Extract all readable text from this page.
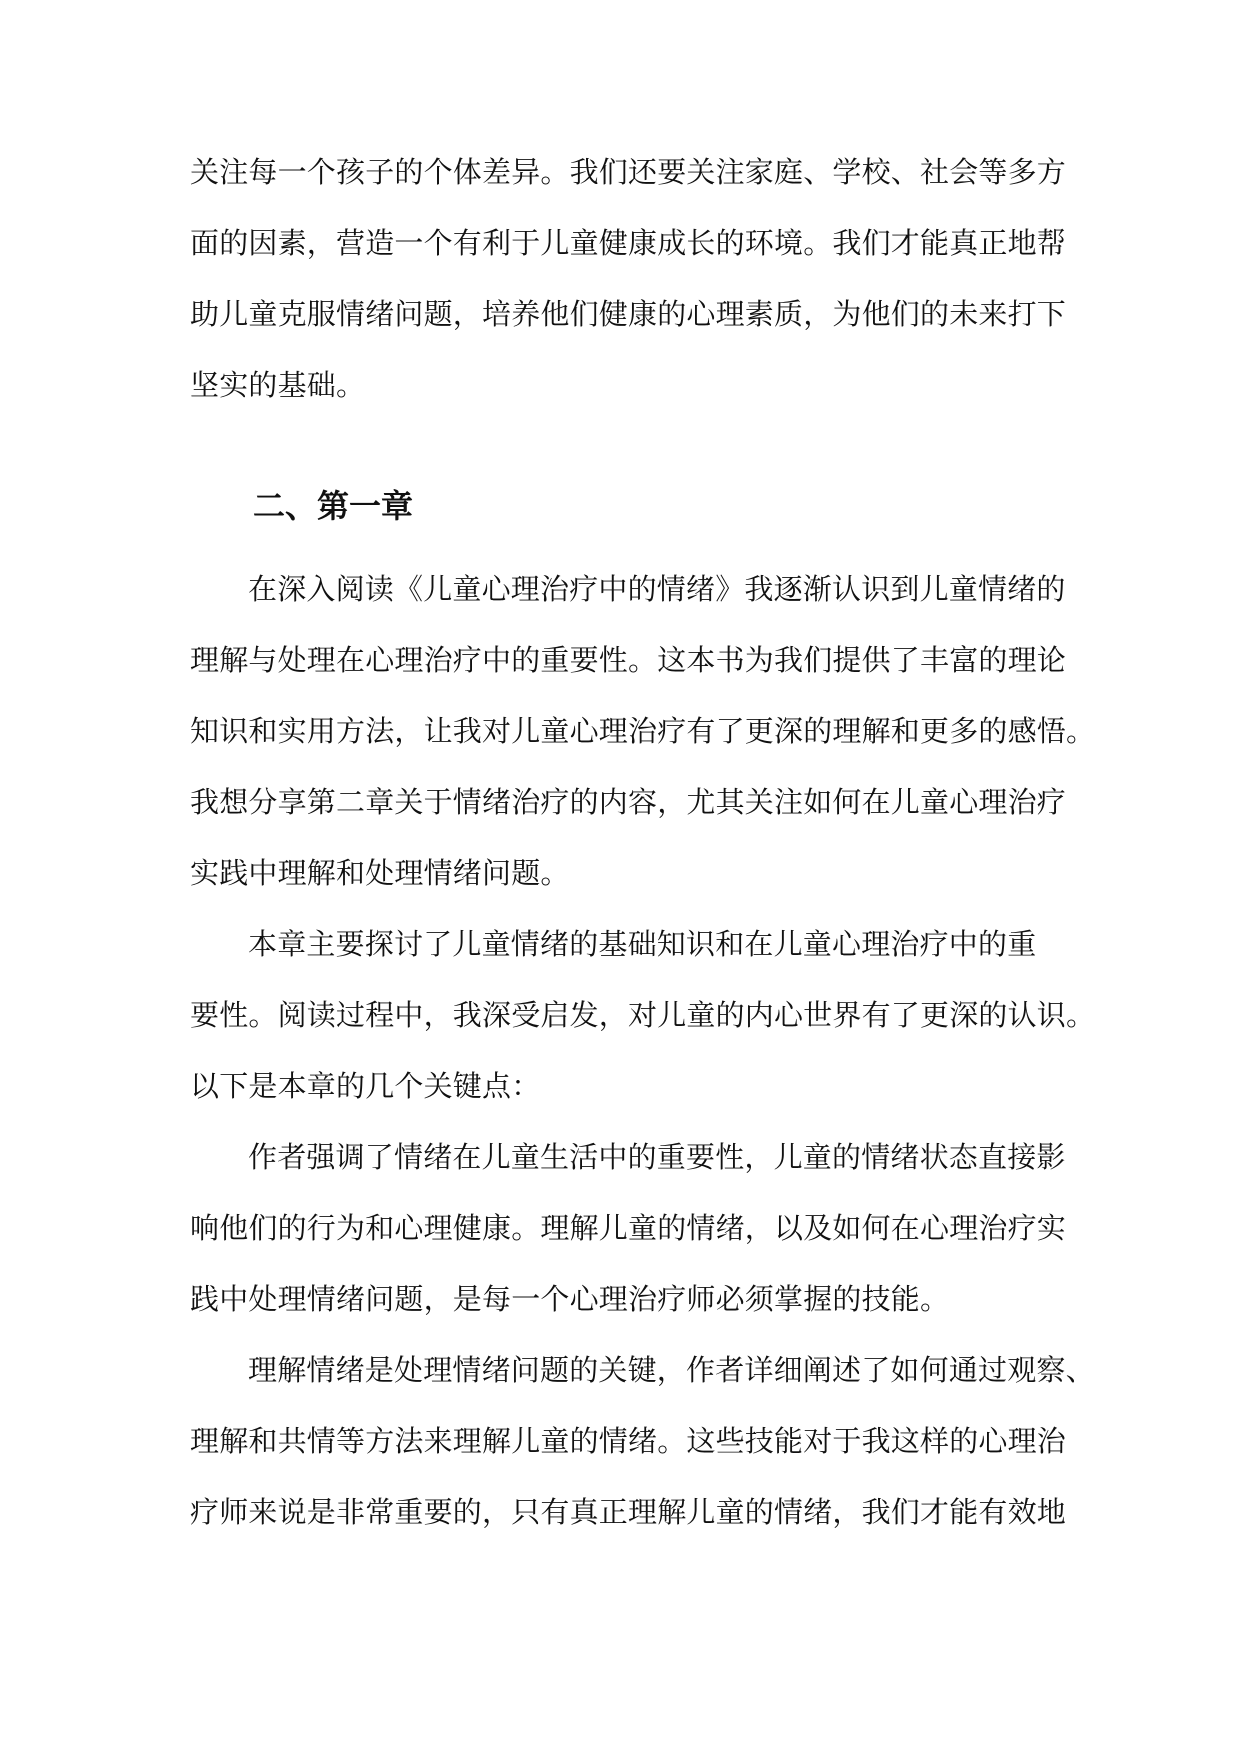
关注每一个孩子的个体差异。我们还要关注家庭、学校、社会等多方
面的因素，营造一个有利于儿童健康成长的环境。我们才能真正地帮
助儿童克服情绪问题，培养他们健康的心理素质，为他们的未来打下
坚实的基础。
二、第一章
在深入阅读《儿童心理治疗中的情绪》我逐渐认识到儿童情绪的
理解与处理在心理治疗中的重要性。这本书为我们提供了丰富的理论
知识和实用方法，让我对儿童心理治疗有了更深的理解和更多的感悟。
我想分享第二章关于情绪治疗的内容，尤其关注如何在儿童心理治疗
实践中理解和处理情绪问题。
本章主要探讨了儿童情绪的基础知识和在儿童心理治疗中的重
要性。阅读过程中，我深受启发，对儿童的内心世界有了更深的认识。
以下是本章的几个关键点：
作者强调了情绪在儿童生活中的重要性，儿童的情绪状态直接影
响他们的行为和心理健康。理解儿童的情绪，以及如何在心理治疗实
践中处理情绪问题，是每一个心理治疗师必须掌握的技能。
理解情绪是处理情绪问题的关键，作者详细阐述了如何通过观察、
理解和共情等方法来理解儿童的情绪。这些技能对于我这样的心理治
疗师来说是非常重要的，只有真正理解儿童的情绪，我们才能有效地
